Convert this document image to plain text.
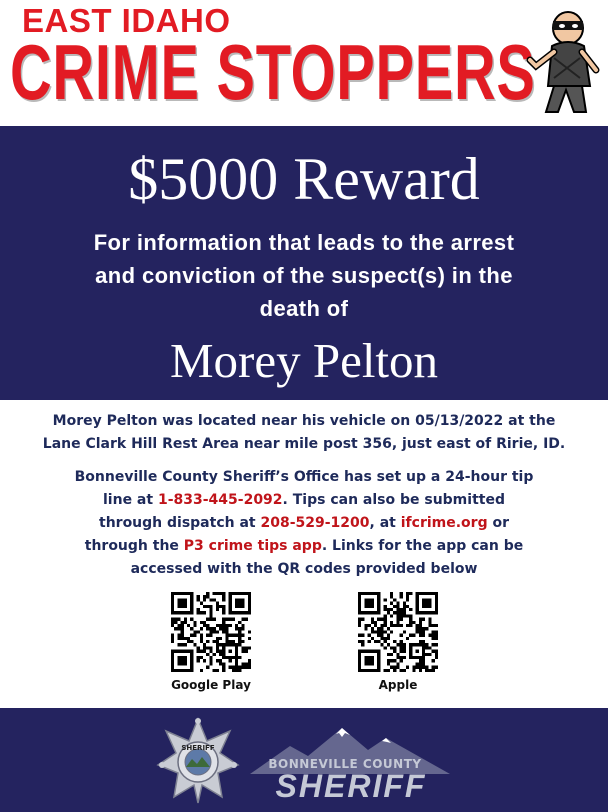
EAST IDAHO
CRIME STOPPERS
$5000 Reward
For information that leads to the arrest
and conviction of the suspect(s) in the
death of
Morey Pelton

Morey Pelton was located near his vehicle on 05/13/2022 at the
Lane Clark Hill Rest Area near mile post 356, just east of Ririe, ID.

Bonneville County Sheriff’s Office has set up a 24-hour tip
line at 1-833-445-2092. Tips can also be submitted
through dispatch at 208-529-1200, at ifcrime.org or
through the P3 crime tips app. Links for the app can be
accessed with the QR codes provided below

Google Play	Apple
SHERIFF
BONNEVILLE COUNTY
SHERIFF
